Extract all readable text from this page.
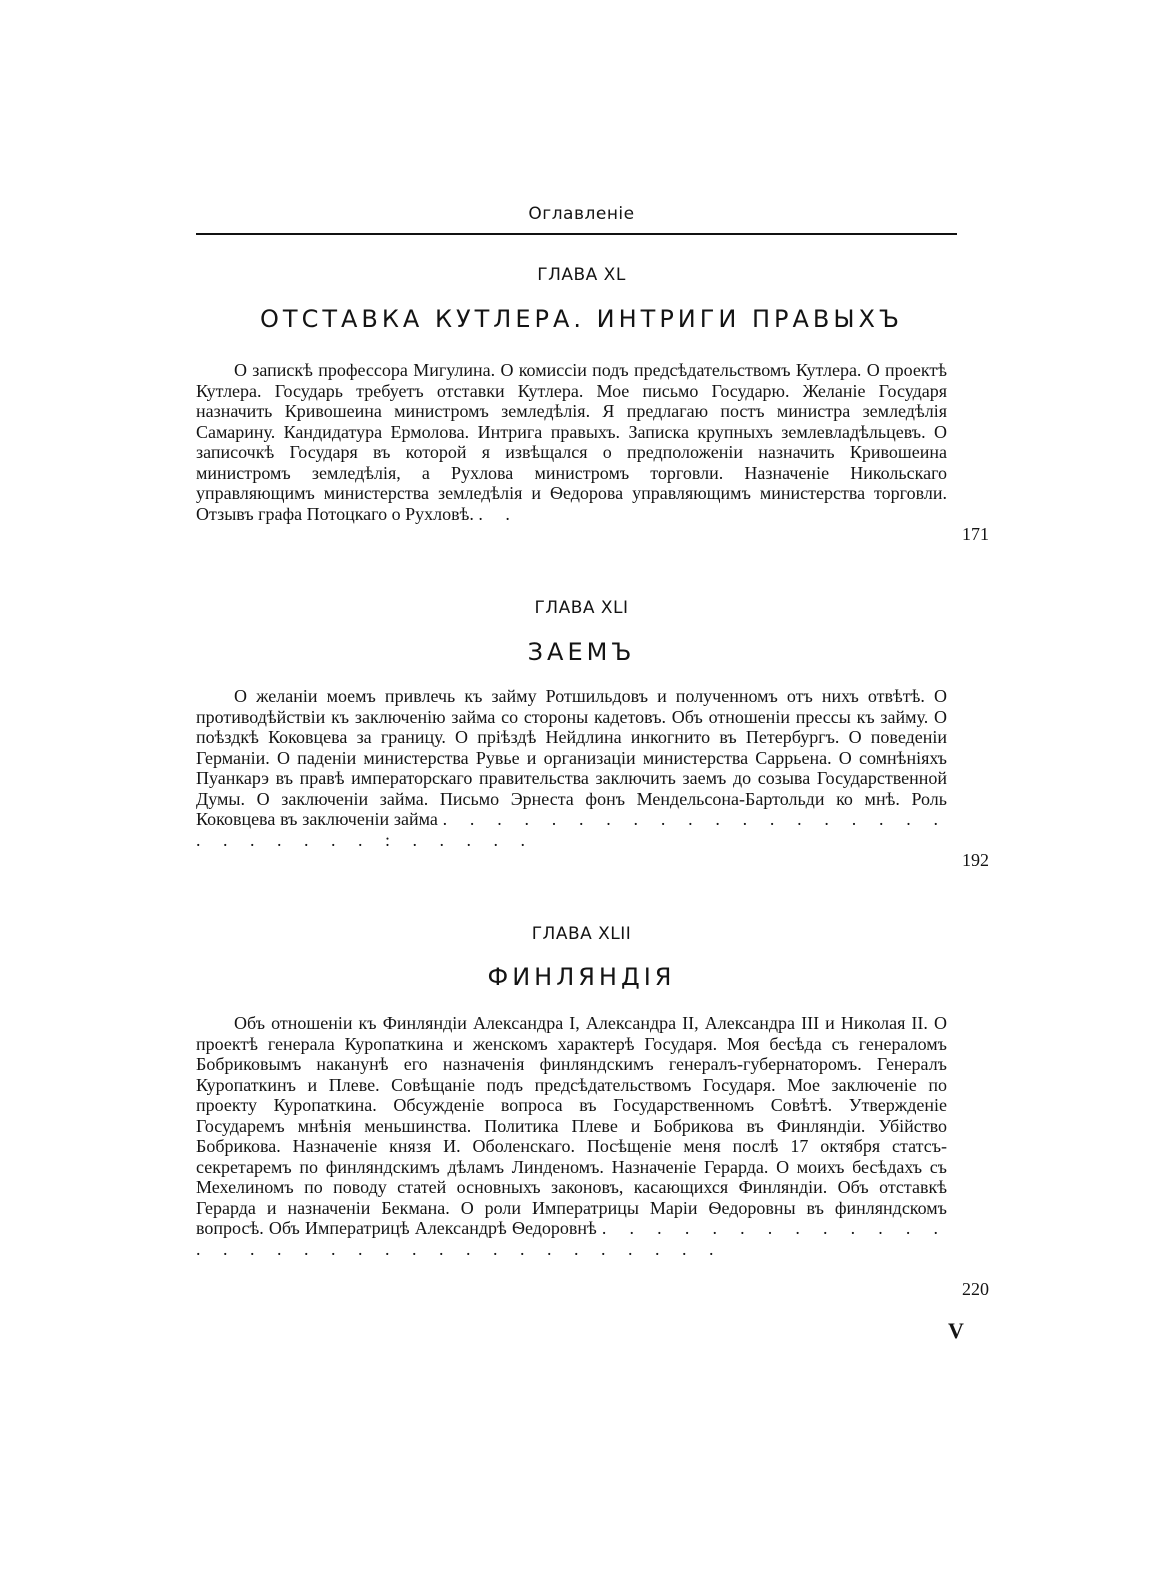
Оглавленіе
ГЛАВА XL
ОТСТАВКА КУТЛЕРА. ИНТРИГИ ПРАВЫХЪ
О запискѣ профессора Мигулина. О комиссіи подъ предсѣдательствомъ Кутлера. О проектѣ Кутлера. Государь требуетъ отставки Кутлера. Мое письмо Государю. Желаніе Государя назначить Кривошеина министромъ земледѣлія. Я предлагаю постъ министра земледѣлія Самарину. Кандидатура Ермолова. Интрига правыхъ. Записка крупныхъ землевладѣльцевъ. О записочкѣ Государя въ которой я извѣщался о предположеніи назначить Кривошеина министромъ земледѣлія, а Рухлова министромъ торговли. Назначеніе Никольскаго управляющимъ министерства земледѣлія и Ѳедорова управляющимъ министерства торговли. Отзывъ графа Потоцкаго о Рухловѣ. . .
171
ГЛАВА XLI
ЗАЕМЪ
О желаніи моемъ привлечь къ займу Ротшильдовъ и полученномъ отъ нихъ отвѣтѣ. О противодѣйствіи къ заключенію займа со стороны кадетовъ. Объ отношеніи прессы къ займу. О поѣздкѣ Коковцева за границу. О пріѣздѣ Нейдлина инкогнито въ Петербургъ. О поведеніи Германіи. О паденіи министерства Рувье и организаціи министерства Саррьена. О сомнѣніяхъ Пуанкарэ въ правѣ императорскаго правительства заключить заемъ до созыва Государственной Думы. О заключеніи займа. Письмо Эрнеста фонъ Мендельсона-Бартольди ко мнѣ. Роль Коковцева въ заключеніи займа . . . . . . . . . . . . . . . . . . . . . . . . . . : . . . . .
192
ГЛАВА XLII
ФИНЛЯНДІЯ
Объ отношеніи къ Финляндіи Александра I, Александра II, Александра III и Николая II. О проектѣ генерала Куропаткина и женскомъ характерѣ Государя. Моя бесѣда съ генераломъ Бобриковымъ наканунѣ его назначенія финляндскимъ генералъ-губернаторомъ. Генералъ Куропаткинъ и Плеве. Совѣщаніе подъ предсѣдательствомъ Государя. Мое заключеніе по проекту Куропаткина. Обсужденіе вопроса въ Государственномъ Совѣтѣ. Утвержденіе Государемъ мнѣнія меньшинства. Политика Плеве и Бобрикова въ Финляндіи. Убійство Бобрикова. Назначеніе князя И. Оболенскаго. Посѣщеніе меня послѣ 17 октября статсъ-секретаремъ по финляндскимъ дѣламъ Линденомъ. Назначеніе Герарда. О моихъ бесѣдахъ съ Мехелиномъ по поводу статей основныхъ законовъ, касающихся Финляндіи. Объ отставкѣ Герарда и назначеніи Бекмана. О роли Императрицы Маріи Ѳедоровны въ финляндскомъ вопросѣ. Объ Императрицѣ Александрѣ Ѳедоровнѣ . . . . . . . . . . . . . . . . . . . . . . . . . . . . . . . . .
220
V
